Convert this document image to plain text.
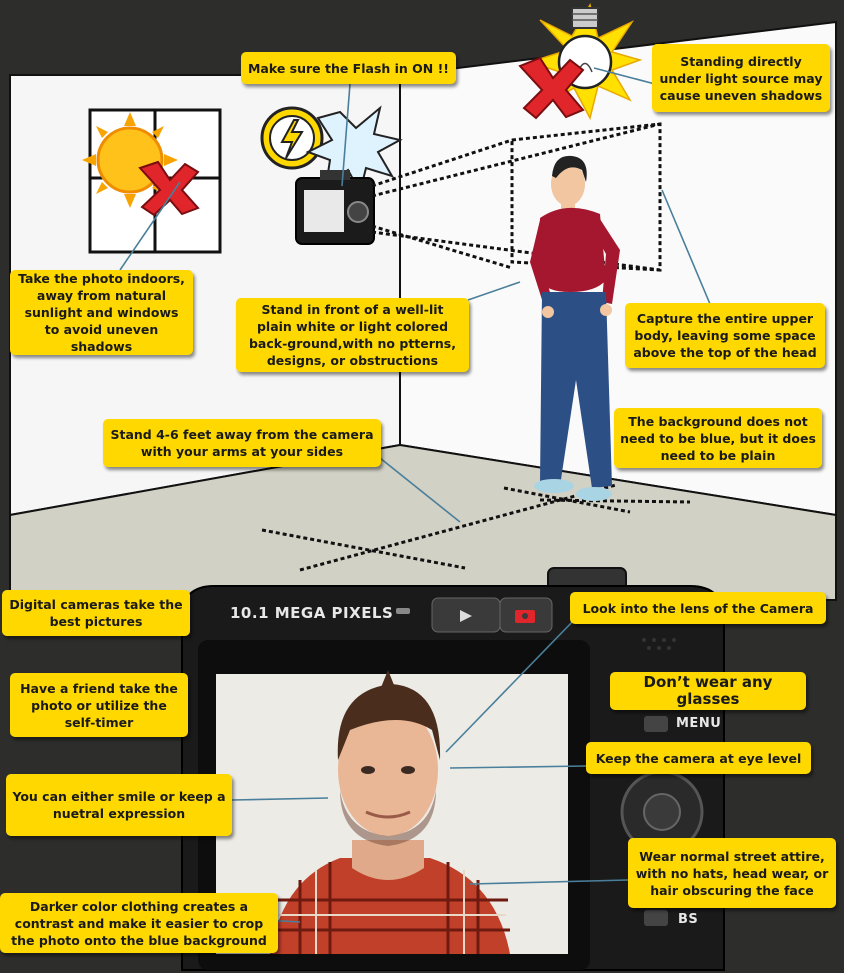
10.1 MEGA PIXELS
MENU
BS
Make sure the Flash in ON !!	Standing directly under light source may cause uneven shadows
Take the photo indoors, away from natural sunlight and windows to avoid uneven shadows
Stand in front of a well-lit plain white or light colored back-ground,with no ptterns, designs, or obstructions
Capture the entire upper body, leaving some space above the top of the head
Stand 4-6 feet away from the camera with your arms at your sides
The background does not need to be blue, but it does need to be plain
Digital cameras take the best pictures
Look into the lens of the Camera
Have a friend take the photo or utilize the self-timer
Don’t wear any glasses
Keep the camera at eye level
You can either smile or keep a nuetral expression
Wear normal street attire, with no hats, head wear, or hair obscuring the face
Darker color clothing creates a contrast and make it easier to crop the photo onto the blue background
